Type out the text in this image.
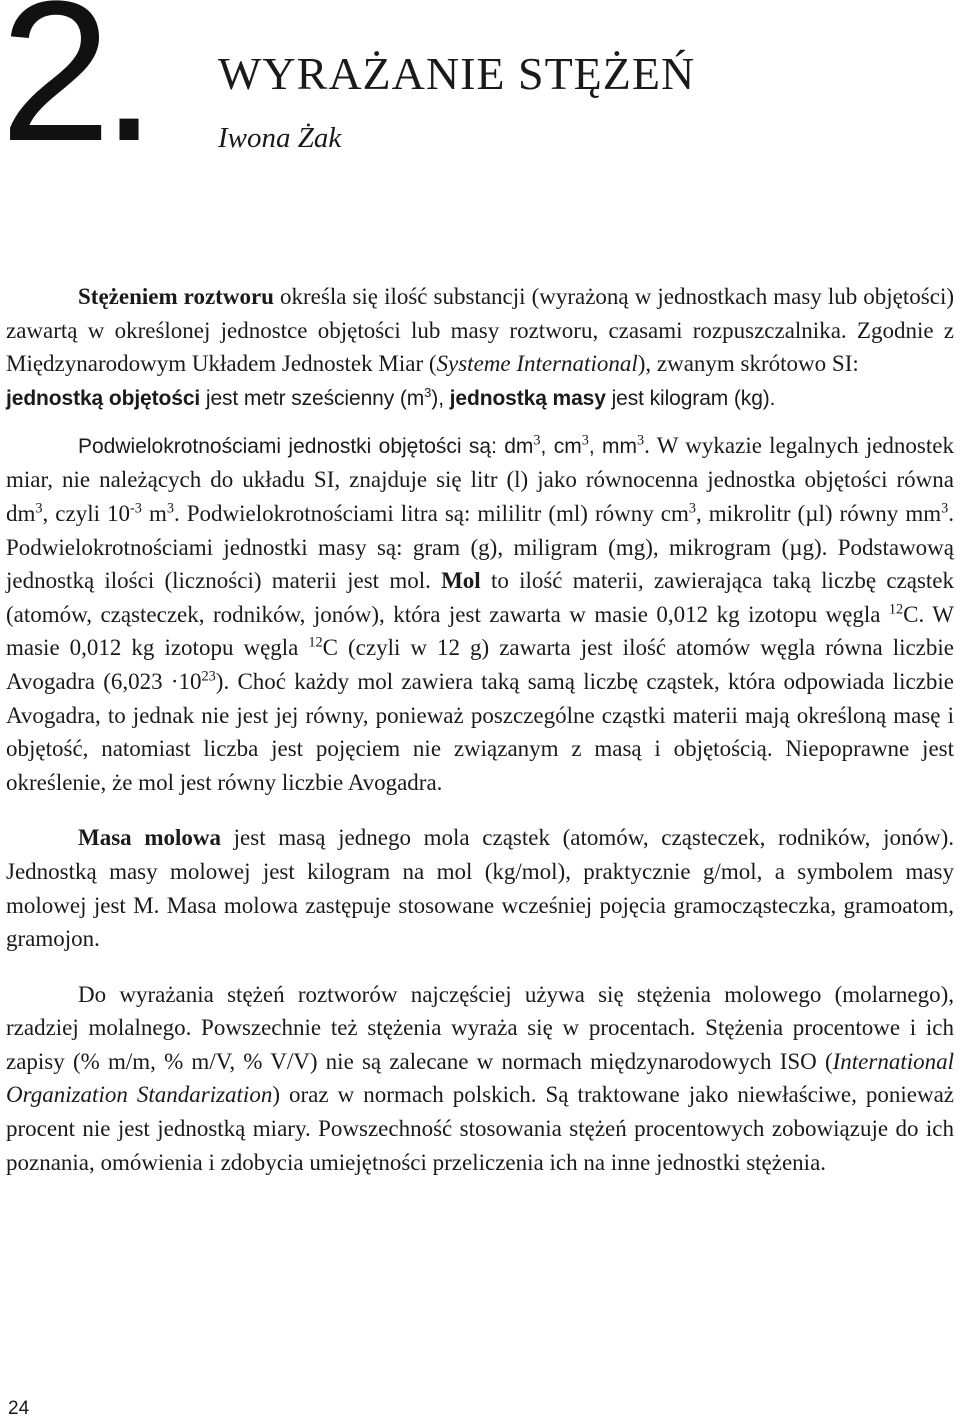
2. WYRAŻANIE STĘŻEŃ
Iwona Żak

Stężeniem roztworu określa się ilość substancji (wyrażoną w jednostkach masy lub objętości) zawartą w określonej jednostce objętości lub masy roztworu, czasami rozpuszczalnika. Zgodnie z Międzynarodowym Układem Jednostek Miar (Systeme International), zwanym skrótowo SI:

jednostką objętości jest metr sześcienny $(m^3)$, jednostką masy jest kilogram (kg).

Podwielokrotnościami jednostki objętości są: $dm^3$, $cm^3$, $mm^3$. W wykazie legalnych jednostek miar, nie należących do układu SI, znajduje się litr (l) jako równocenna jednostka objętości równa $dm^3$, czyli $10^{-3}$ $m^3$. Podwielokrotnościami litra są: mililitr (ml) równy $cm^3$, mikrolitr (µl) równy $mm^3$. Podwielokrotnościami jednostki masy są: gram (g), miligram (mg), mikrogram (µg). Podstawową jednostką ilości (liczności) materii jest mol. Mol to ilość materii, zawierająca taką liczbę cząstek (atomów, cząsteczek, rodników, jonów), która jest zawarta w masie 0,012 kg izotopu węgla $^{12}$C. W masie 0,012 kg izotopu węgla $^{12}$C (czyli w 12 g) zawarta jest ilość atomów węgla równa liczbie Avogadra $(6,023 \cdot 10^{23})$. Choć każdy mol zawiera taką samą liczbę cząstek, która odpowiada liczbie Avogadra, to jednak nie jest jej równy, ponieważ poszczególne cząstki materii mają określoną masę i objętość, natomiast liczba jest pojęciem nie związanym z masą i objętością. Niepoprawne jest określenie, że mol jest równy liczbie Avogadra.

Masa molowa jest masą jednego mola cząstek (atomów, cząsteczek, rodników, jonów). Jednostką masy molowej jest kilogram na mol (kg/mol), praktycznie g/mol, a symbolem masy molowej jest M. Masa molowa zastępuje stosowane wcześniej pojęcia gramocząsteczka, gramoatom, gramojon.

Do wyrażania stężeń roztworów najczęściej używa się stężenia molowego (molarnego), rzadziej molalnego. Powszechnie też stężenia wyraża się w procentach. Stężenia procentowe i ich zapisy (% m/m, % m/V, % V/V) nie są zalecane w normach międzynarodowych ISO (International Organization Standarization) oraz w normach polskich. Są traktowane jako niewłaściwe, ponieważ procent nie jest jednostką miary. Powszechność stosowania stężeń procentowych zobowiązuje do ich poznania, omówienia i zdobycia umiejętności przeliczenia ich na inne jednostki stężenia.

24
